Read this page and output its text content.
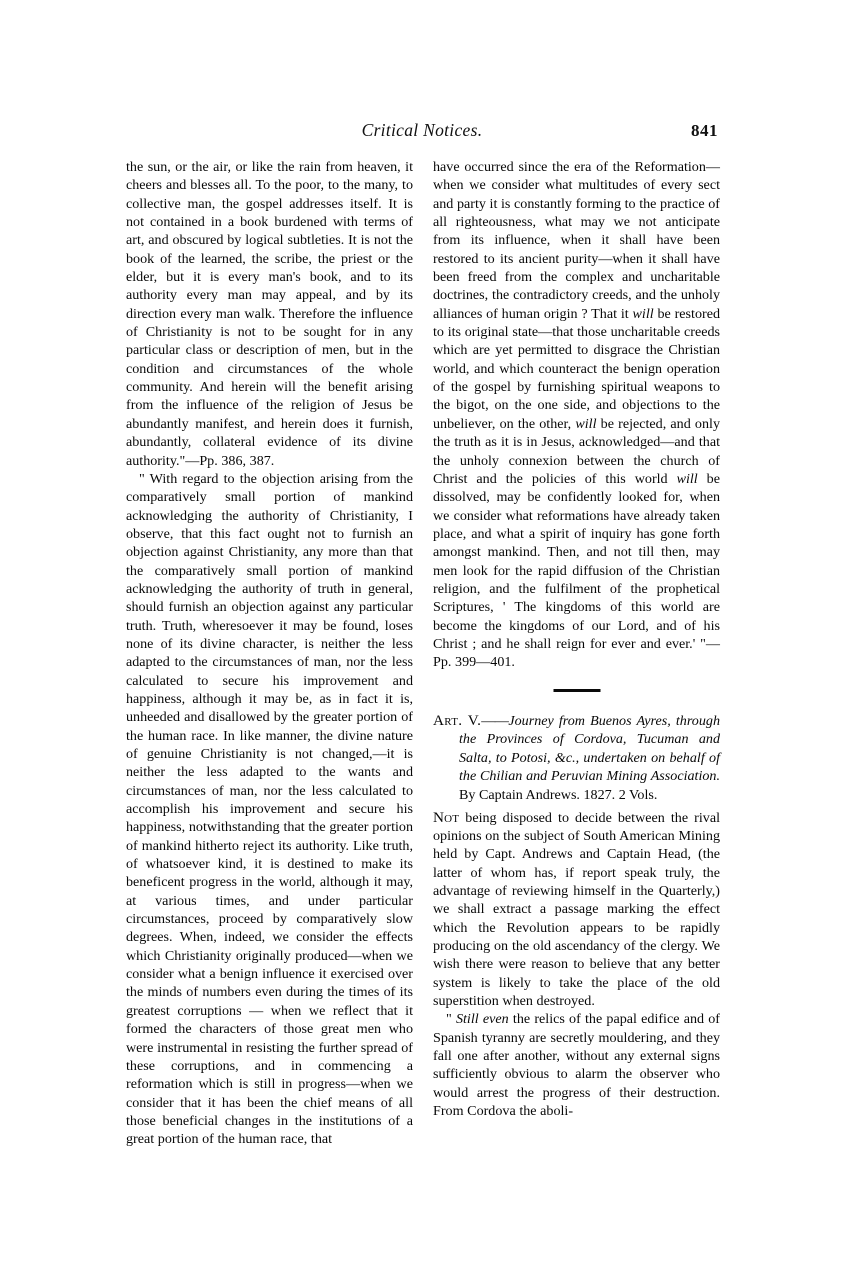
Critical Notices.	841

the sun, or the air, or like the rain from heaven, it cheers and blesses all. To the poor, to the many, to collective man, the gospel addresses itself. It is not contained in a book burdened with terms of art, and obscured by logical subtleties. It is not the book of the learned, the scribe, the priest or the elder, but it is every man's book, and to its authority every man may appeal, and by its direction every man walk. Therefore the influence of Christianity is not to be sought for in any particular class or description of men, but in the condition and circumstances of the whole community. And herein will the benefit arising from the influence of the religion of Jesus be abundantly manifest, and herein does it furnish, abundantly, collateral evidence of its divine authority."—Pp. 386, 387.

" With regard to the objection arising from the comparatively small portion of mankind acknowledging the authority of Christianity, I observe, that this fact ought not to furnish an objection against Christianity, any more than that the comparatively small portion of mankind acknowledging the authority of truth in general, should furnish an objection against any particular truth. Truth, wheresoever it may be found, loses none of its divine character, is neither the less adapted to the circumstances of man, nor the less calculated to secure his improvement and happiness, although it may be, as in fact it is, unheeded and disallowed by the greater portion of the human race. In like manner, the divine nature of genuine Christianity is not changed,—it is neither the less adapted to the wants and circumstances of man, nor the less calculated to accomplish his improvement and secure his happiness, notwithstanding that the greater portion of mankind hitherto reject its authority. Like truth, of whatsoever kind, it is destined to make its beneficent progress in the world, although it may, at various times, and under particular circumstances, proceed by comparatively slow degrees. When, indeed, we consider the effects which Christianity originally produced—when we consider what a benign influence it exercised over the minds of numbers even during the times of its greatest corruptions — when we reflect that it formed the characters of those great men who were instrumental in resisting the further spread of these corruptions, and in commencing a reformation which is still in progress—when we consider that it has been the chief means of all those beneficial changes in the institutions of a great portion of the human race, that

have occurred since the era of the Reformation—when we consider what multitudes of every sect and party it is constantly forming to the practice of all righteousness, what may we not anticipate from its influence, when it shall have been restored to its ancient purity—when it shall have been freed from the complex and uncharitable doctrines, the contradictory creeds, and the unholy alliances of human origin ? That it will be restored to its original state—that those uncharitable creeds which are yet permitted to disgrace the Christian world, and which counteract the benign operation of the gospel by furnishing spiritual weapons to the bigot, on the one side, and objections to the unbeliever, on the other, will be rejected, and only the truth as it is in Jesus, acknowledged—and that the unholy connexion between the church of Christ and the policies of this world will be dissolved, may be confidently looked for, when we consider what reformations have already taken place, and what a spirit of inquiry has gone forth amongst mankind. Then, and not till then, may men look for the rapid diffusion of the Christian religion, and the fulfilment of the prophetical Scriptures, ' The kingdoms of this world are become the kingdoms of our Lord, and of his Christ ; and he shall reign for ever and ever.' "—Pp. 399—401.

Art. V.——Journey from Buenos Ayres, through the Provinces of Cordova, Tucuman and Salta, to Potosi, &c., undertaken on behalf of the Chilian and Peruvian Mining Association. By Captain Andrews. 1827. 2 Vols.

Not being disposed to decide between the rival opinions on the subject of South American Mining held by Capt. Andrews and Captain Head, (the latter of whom has, if report speak truly, the advantage of reviewing himself in the Quarterly,) we shall extract a passage marking the effect which the Revolution appears to be rapidly producing on the old ascendancy of the clergy. We wish there were reason to believe that any better system is likely to take the place of the old superstition when destroyed.

" Still even the relics of the papal edifice and of Spanish tyranny are secretly mouldering, and they fall one after another, without any external signs sufficiently obvious to alarm the observer who would arrest the progress of their destruction. From Cordova the aboli-
